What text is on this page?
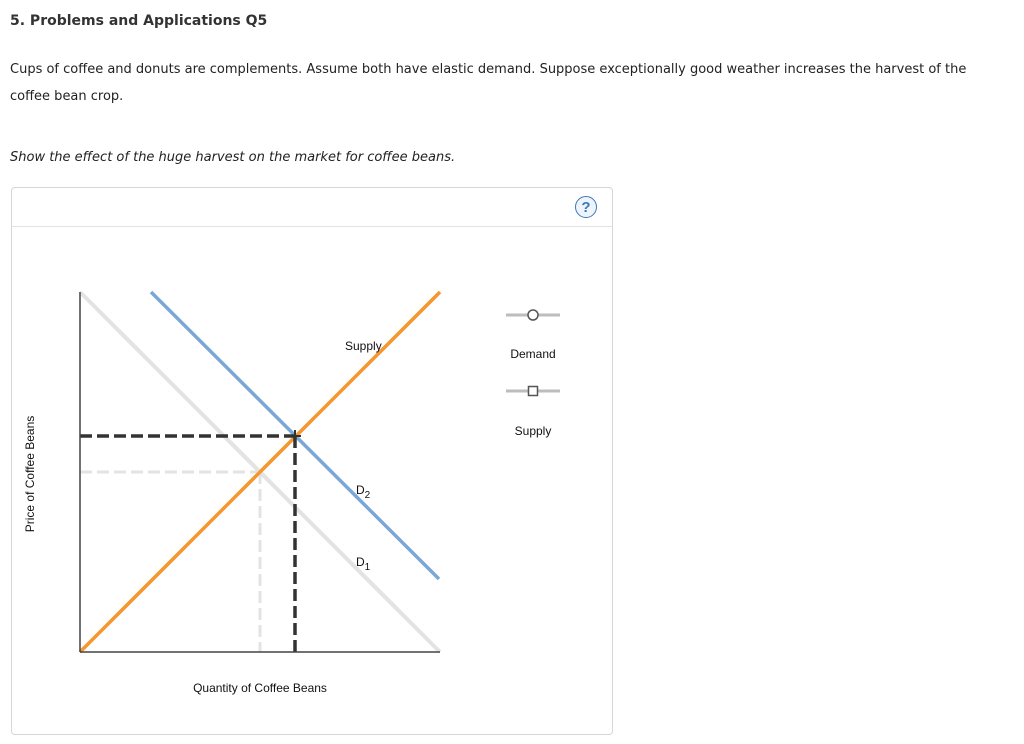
5. Problems and Applications Q5

Cups of coffee and donuts are complements. Assume both have elastic demand. Suppose exceptionally good weather increases the harvest of the coffee bean crop.

Show the effect of the huge harvest on the market for coffee beans.

?
Supply
$D_2$
$D_1$
Quantity of Coffee Beans
Price of Coffee Beans
Demand
Supply
